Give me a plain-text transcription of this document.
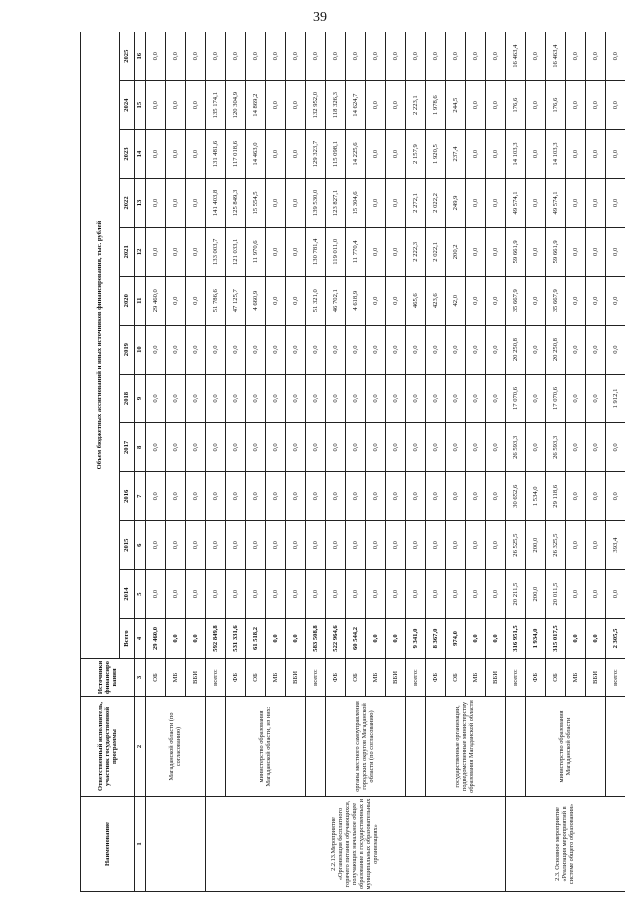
39
Наименование	Ответственный исполнитель, участник государственной программы	Источники финансирования	Объем бюджетных ассигнований и иных источников финансирования, тыс. рублей												
			Всего	2014	2015	2016	2017	2018	2019	2020	2021	2022	2023	2024	2025
1	2	3	4	5	6	7	8	9	10	11	12	13	14	15	16
	Магаданской области (по согласованию)	ОБ	29 460,0	0,0	0,0	0,0	0,0	0,0	0,0	29 460,0	0,0	0,0	0,0	0,0	0,0
		МБ	0,0	0,0	0,0	0,0	0,0	0,0	0,0	0,0	0,0	0,0	0,0	0,0	0,0
		ВБИ	0,0	0,0	0,0	0,0	0,0	0,0	0,0	0,0	0,0	0,0	0,0	0,0	0,0
2.2.13.Мероприятие «Организация бесплатного горячего питания обучающихся, получающих начальное общее образование в государственных и муниципальных образовательных организациях»		всего:	592 849,8	0,0	0,0	0,0	0,0	0,0	0,0	51 786,6	133 003,7	141 403,8	131 481,6	135 174,1	0,0
	министерство образования Магаданской области, из них:	ФБ	531 331,6	0,0	0,0	0,0	0,0	0,0	0,0	47 125,7	121 033,1	125 849,3	117 018,6	120 304,9	0,0
		ОБ	61 518,2	0,0	0,0	0,0	0,0	0,0	0,0	4 660,9	11 970,6	15 554,5	14 463,0	14 869,2	0,0
		МБ	0,0	0,0	0,0	0,0	0,0	0,0	0,0	0,0	0,0	0,0	0,0	0,0	0,0
		ВБИ	0,0	0,0	0,0	0,0	0,0	0,0	0,0	0,0	0,0	0,0	0,0	0,0	0,0
		всего:	583 508,8	0,0	0,0	0,0	0,0	0,0	0,0	51 321,0	130 781,4	139 530,0	129 323,7	132 952,0	0,0
	органы местного самоуправления городских округов Магаданской области (по согласованию)	ФБ	522 964,6	0,0	0,0	0,0	0,0	0,0	0,0	46 702,1	119 011,0	123 827,1	115 098,1	118 326,3	0,0
		ОБ	60 544,2	0,0	0,0	0,0	0,0	0,0	0,0	4 618,9	11 770,4	15 304,6	14 225,6	14 624,7	0,0
		МБ	0,0	0,0	0,0	0,0	0,0	0,0	0,0	0,0	0,0	0,0	0,0	0,0	0,0
		ВБИ	0,0	0,0	0,0	0,0	0,0	0,0	0,0	0,0	0,0	0,0	0,0	0,0	0,0
		всего:	9 341,0	0,0	0,0	0,0	0,0	0,0	0,0	465,6	2 222,3	2 272,1	2 157,9	2 223,1	0,0
	государственные организации, подведомственные министерству образования Магаданской области	ФБ	8 367,0	0,0	0,0	0,0	0,0	0,0	0,0	423,6	2 022,1	2 022,2	1 920,5	1 978,6	0,0
		ОБ	974,0	0,0	0,0	0,0	0,0	0,0	0,0	42,0	200,2	249,9	237,4	244,5	0,0
		МБ	0,0	0,0	0,0	0,0	0,0	0,0	0,0	0,0	0,0	0,0	0,0	0,0	0,0
		ВБИ	0,0	0,0	0,0	0,0	0,0	0,0	0,0	0,0	0,0	0,0	0,0	0,0	0,0
2.3. Основное мероприятие «Реализация мероприятий в системе общего образования»		всего:	316 951,5	20 211,5	26 525,5	30 652,6	26 593,3	17 070,6	20 250,8	35 667,9	59 661,9	49 574,1	14 103,3	176,6	16 463,4
	министерство образования Магаданской области	ФБ	1 934,0	200,0	200,0	1 534,0	0,0	0,0	0,0	0,0	0,0	0,0	0,0	0,0	0,0
		ОБ	315 017,5	20 011,5	26 325,5	29 118,6	26 593,3	17 070,6	20 250,8	35 667,9	59 661,9	49 574,1	14 103,3	176,6	16 463,4
		МБ	0,0	0,0	0,0	0,0	0,0	0,0	0,0	0,0	0,0	0,0	0,0	0,0	0,0
		ВБИ	0,0	0,0	0,0	0,0	0,0	0,0	0,0	0,0	0,0	0,0	0,0	0,0	0,0
		всего:	2 305,5	0,0	393,4	0,0	0,0	1 912,1	0,0	0,0	0,0	0,0	0,0	0,0	0,0
